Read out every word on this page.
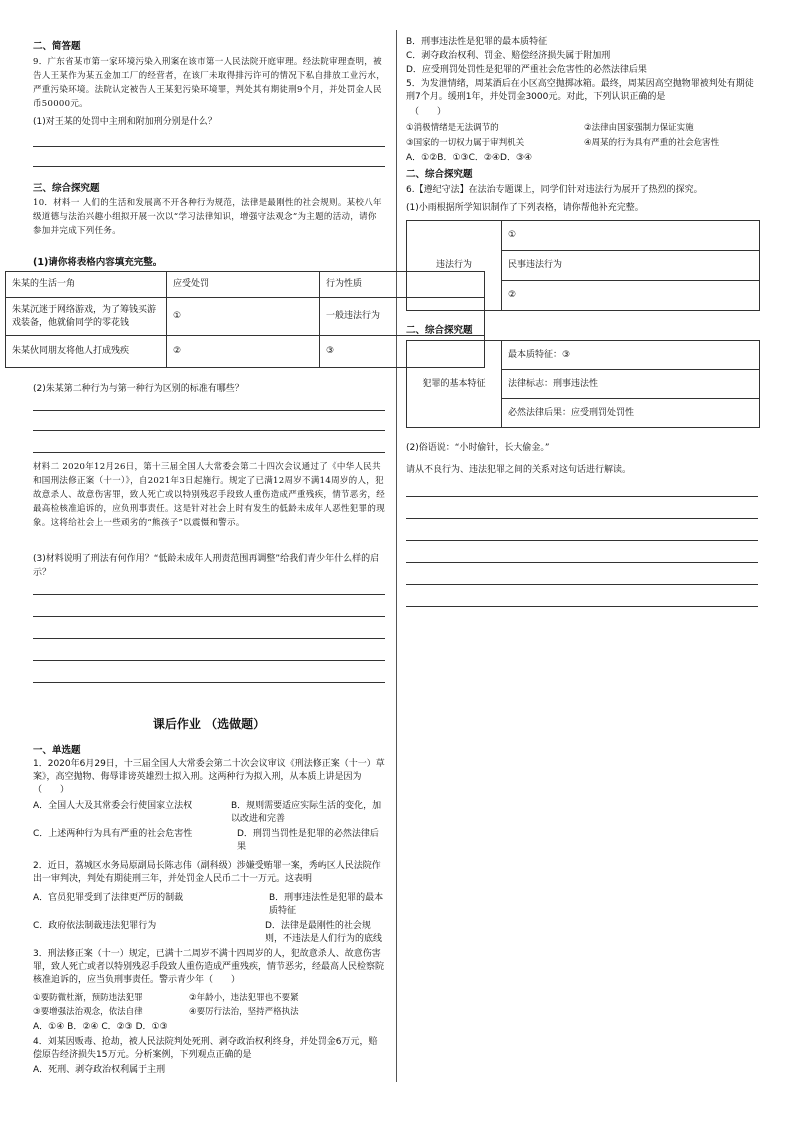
二、简答题
9．广东省某市第一家环境污染入刑案在该市第一人民法院开庭审理。经法院审理查明，被告人王某作为某五金加工厂的经营者，在该厂未取得排污许可的情况下私自排放工业污水，严重污染环境。法院认定被告人王某犯污染环境罪，判处其有期徒刑9个月，并处罚金人民币50000元。
(1)对王某的处罚中主刑和附加刑分别是什么？
三、综合探究题
10．材料一 人们的生活和发展离不开各种行为规范，法律是最刚性的社会规则。某校八年级道德与法治兴趣小组拟开展一次以“学习法律知识，增强守法观念”为主题的活动，请你参加并完成下列任务。
(1)请你将表格内容填充完整。
朱某的生活一角	应受处罚	行为性质
朱某沉迷于网络游戏，为了筹钱买游戏装备，他就偷同学的零花钱	①	一般违法行为
朱某伙同朋友将他人打成残疾	②	③
(2)朱某第二种行为与第一种行为区别的标准有哪些？
材料二 2020年12月26日，第十三届全国人大常委会第二十四次会议通过了《中华人民共和国刑法修正案（十一）》，自2021年3日起施行。规定了已满12周岁不满14周岁的人，犯故意杀人、故意伤害罪，致人死亡或以特别残忍手段致人重伤造成严重残疾，情节恶劣，经最高检核准追诉的，应负刑事责任。这是针对社会上时有发生的低龄未成年人恶性犯罪的现象。这将给社会上一些顽劣的“熊孩子”以震慑和警示。
(3)材料说明了刑法有何作用？“低龄未成年人刑责范围再调整”给我们青少年什么样的启示？
课后作业 （选做题）
一、单选题
1．2020年6月29日，十三届全国人大常委会第二十次会议审议《刑法修正案（十一）草案》，高空抛物、侮辱诽谤英雄烈士拟入刑。这两种行为拟入刑，从本质上讲是因为（　　）
A．全国人大及其常委会行使国家立法权	B．规则需要适应实际生活的变化，加以改进和完善
C．上述两种行为具有严重的社会危害性	D．刑罚当罚性是犯罪的必然法律后果
2．近日，荔城区水务局原副局长陈志伟（副科级）涉嫌受贿罪一案，秀屿区人民法院作出一审判决，判处有期徒刑三年，并处罚金人民币二十一万元。这表明
A．官员犯罪受到了法律更严厉的制裁	B．刑事违法性是犯罪的最本质特征
C．政府依法制裁违法犯罪行为	D．法律是最刚性的社会规则，不违法是人们行为的底线
3．刑法修正案（十一）规定，已满十二周岁不满十四周岁的人，犯故意杀人、故意伤害罪，致人死亡或者以特别残忍手段致人重伤造成严重残疾，情节恶劣，经最高人民检察院核准追诉的，应当负刑事责任。警示青少年（　　）
①要防微杜渐，预防违法犯罪	②年龄小，违法犯罪也不要紧
③要增强法治观念，依法自律	④要厉行法治，坚持严格执法
A．①④ B．②④ C．②③ D．①③
4．刘某因贩毒、抢劫，被人民法院判处死刑、剥夺政治权利终身，并处罚金6万元，赔偿原告经济损失15万元。分析案例，下列观点正确的是
A．死刑、剥夺政治权利属于主刑
B．刑事违法性是犯罪的最本质特征
C．剥夺政治权利、罚金、赔偿经济损失属于附加刑
D．应受刑罚处罚性是犯罪的严重社会危害性的必然法律后果
5．为发泄情绪，周某酒后在小区高空抛掷冰箱。最终，周某因高空抛物罪被判处有期徒刑7个月。缓刑1年，并处罚金3000元。对此，下列认识正确的是
（　　）
①消极情绪是无法调节的	②法律由国家强制力保证实施
③国家的一切权力属于审判机关	④周某的行为具有严重的社会危害性
A．①②B．①③C．②④D．③④
二、综合探究题
6.【遵纪守法】在法治专题课上，同学们针对违法行为展开了热烈的探究。
(1)小雨根据所学知识制作了下列表格，请你帮他补充完整。
违法行为	①
民事违法行为
②
二、综合探究题
犯罪的基本特征	最本质特征：③
法律标志：刑事违法性
必然法律后果：应受刑罚处罚性
(2)俗语说：“小时偷针，长大偷金。”
请从不良行为、违法犯罪之间的关系对这句话进行解读。
